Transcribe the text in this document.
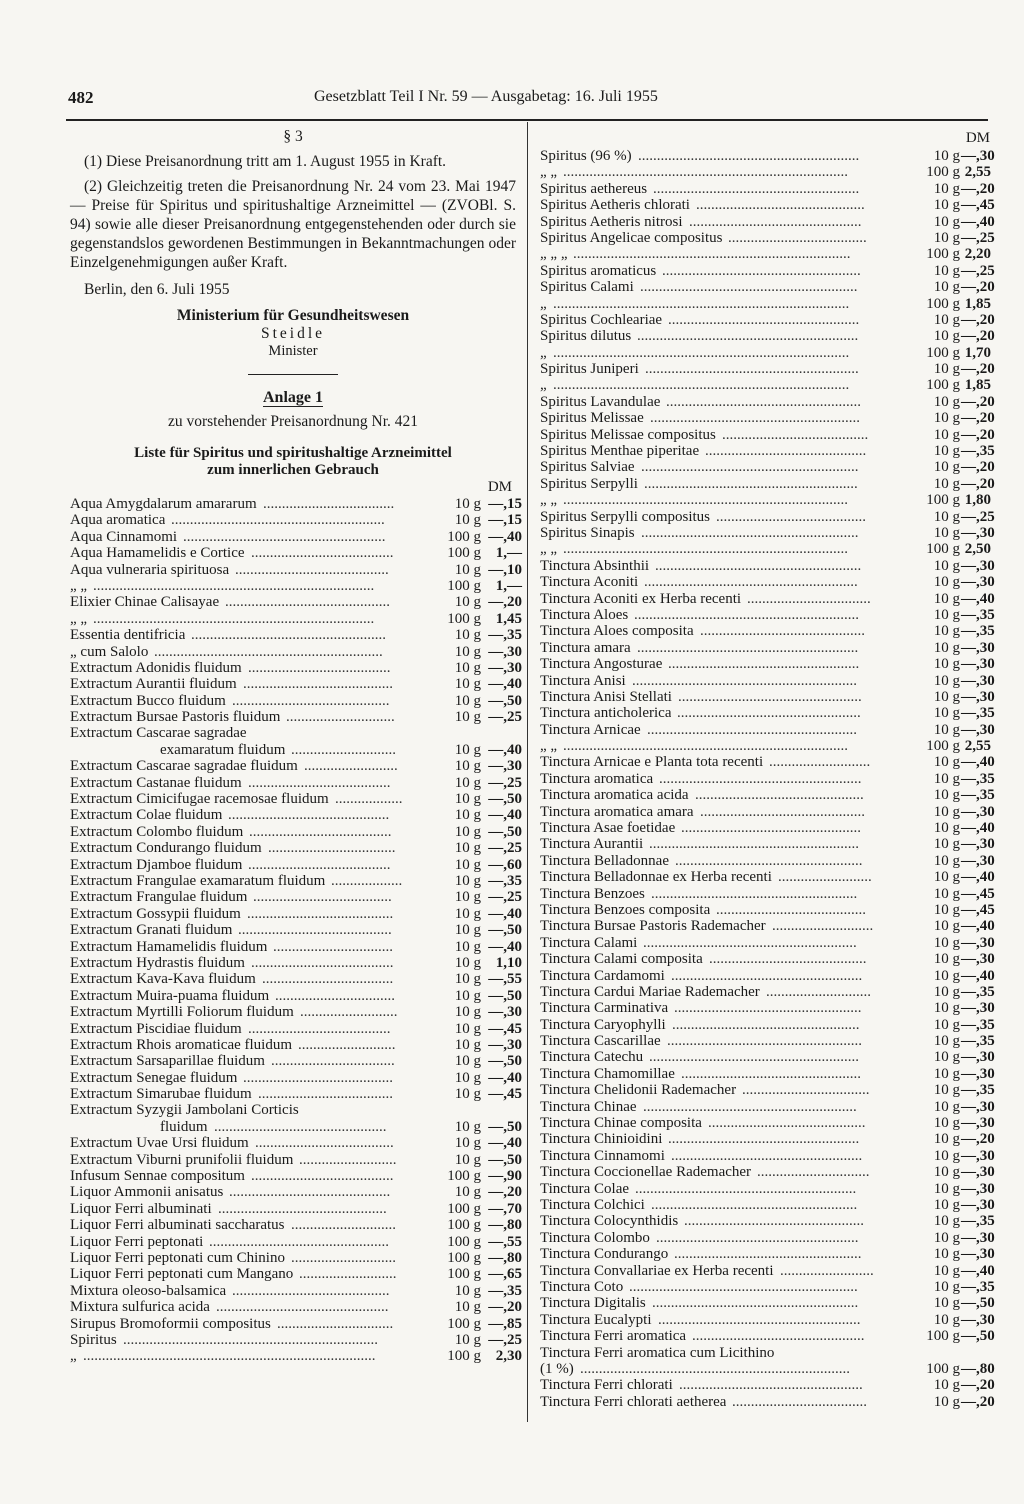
482	Gesetzblatt Teil I Nr. 59 — Ausgabetag: 16. Juli 1955
§ 3

(1) Diese Preisanordnung tritt am 1. August 1955 in Kraft.

(2) Gleichzeitig treten die Preisanordnung Nr. 24 vom 23. Mai 1947 — Preise für Spiritus und spiritushaltige Arzneimittel — (ZVOBl. S. 94) sowie alle dieser Preisanordnung entgegenstehenden oder durch sie gegenstandslos gewordenen Bestimmungen in Bekanntmachungen oder Einzelgenehmigungen außer Kraft.

Berlin, den 6. Juli 1955

Ministerium für Gesundheitswesen
Steidle
Minister
Anlage 1
zu vorstehender Preisanordnung Nr. 421
Liste für Spiritus und spiritushaltige Arzneimittel
zum innerlichen Gebrauch
DM
Aqua Amygdalarum amararum ...................................	10 g —,15
Aqua aromatica .........................................................	10 g —,15
Aqua Cinnamomi ......................................................	100 g —,40
Aqua Hamamelidis e Cortice ......................................	100 g 1,—
Aqua vulneraria spirituosa .........................................	10 g —,10
„ „ ...........................................................................	100 g 1,—
Elixier Chinae Calisayae ............................................	10 g —,20
„ „ ...........................................................................	100 g 1,45
Essentia dentifricia ....................................................	10 g —,35
„ cum Salolo .............................................................	10 g —,30
Extractum Adonidis fluidum ......................................	10 g —,30
Extractum Aurantii fluidum ........................................	10 g —,40
Extractum Bucco fluidum ..........................................	10 g —,50
Extractum Bursae Pastoris fluidum .............................	10 g —,25
Extractum Cascarae sagradae
examaratum fluidum ............................	10 g —,40
Extractum Cascarae sagradae fluidum .........................	10 g —,30
Extractum Castanae fluidum ......................................	10 g —,25
Extractum Cimicifugae racemosae fluidum ..................	10 g —,50
Extractum Colae fluidum ...........................................	10 g —,40
Extractum Colombo fluidum ......................................	10 g —,50
Extractum Condurango fluidum ..................................	10 g —,25
Extractum Djamboe fluidum ......................................	10 g —,60
Extractum Frangulae examaratum fluidum ...................	10 g —,35
Extractum Frangulae fluidum .....................................	10 g —,25
Extractum Gossypii fluidum .......................................	10 g —,40
Extractum Granati fluidum .........................................	10 g —,50
Extractum Hamamelidis fluidum ................................	10 g —,40
Extractum Hydrastis fluidum ......................................	10 g 1,10
Extractum Kava-Kava fluidum ...................................	10 g —,55
Extractum Muira-puama fluidum ................................	10 g —,50
Extractum Myrtilli Foliorum fluidum ..........................	10 g —,30
Extractum Piscidiae fluidum ......................................	10 g —,45
Extractum Rhois aromaticae fluidum ..........................	10 g —,30
Extractum Sarsaparillae fluidum .................................	10 g —,50
Extractum Senegae fluidum ........................................	10 g —,40
Extractum Simarubae fluidum ....................................	10 g —,45
Extractum Syzygii Jambolani Corticis
fluidum ..............................................	10 g —,50
Extractum Uvae Ursi fluidum .....................................	10 g —,40
Extractum Viburni prunifolii fluidum ..........................	10 g —,50
Infusum Sennae compositum ......................................	100 g —,90
Liquor Ammonii anisatus ...........................................	10 g —,20
Liquor Ferri albuminati .............................................	100 g —,70
Liquor Ferri albuminati saccharatus ............................	100 g —,80
Liquor Ferri peptonati ................................................	100 g —,55
Liquor Ferri peptonati cum Chinino ............................	100 g —,80
Liquor Ferri peptonati cum Mangano ..........................	100 g —,65
Mixtura oleoso-balsamica ..........................................	10 g —,35
Mixtura sulfurica acida ..............................................	10 g —,20
Sirupus Bromoformii compositus ...............................	100 g —,85
Spiritus ....................................................................	10 g —,25
„ ..............................................................................	100 g 2,30
DM
Spiritus (96 %) ...........................................................	10 g —,30
„ „ ............................................................................	100 g 2,55
Spiritus aethereus .......................................................	10 g —,20
Spiritus Aetheris chlorati .............................................	10 g —,45
Spiritus Aetheris nitrosi ..............................................	10 g —,40
Spiritus Angelicae compositus .....................................	10 g —,25
„ „ „ ..........................................................................	100 g 2,20
Spiritus aromaticus .....................................................	10 g —,25
Spiritus Calami ..........................................................	10 g —,20
„ ...............................................................................	100 g 1,85
Spiritus Cochleariae ...................................................	10 g —,20
Spiritus dilutus ...........................................................	10 g —,20
„ ...............................................................................	100 g 1,70
Spiritus Juniperi .........................................................	10 g —,20
„ ...............................................................................	100 g 1,85
Spiritus Lavandulae ....................................................	10 g —,20
Spiritus Melissae ........................................................	10 g —,20
Spiritus Melissae compositus .......................................	10 g —,20
Spiritus Menthae piperitae ...........................................	10 g —,35
Spiritus Salviae ..........................................................	10 g —,20
Spiritus Serpylli .........................................................	10 g —,20
„ „ ............................................................................	100 g 1,80
Spiritus Serpylli compositus ........................................	10 g —,25
Spiritus Sinapis ..........................................................	10 g —,30
„ „ ............................................................................	100 g 2,50
Tinctura Absinthii .......................................................	10 g —,30
Tinctura Aconiti .........................................................	10 g —,30
Tinctura Aconiti ex Herba recenti .................................	10 g —,40
Tinctura Aloes ............................................................	10 g —,35
Tinctura Aloes composita ............................................	10 g —,35
Tinctura amara ...........................................................	10 g —,30
Tinctura Angosturae ...................................................	10 g —,30
Tinctura Anisi ............................................................	10 g —,30
Tinctura Anisi Stellati .................................................	10 g —,30
Tinctura anticholerica .................................................	10 g —,35
Tinctura Arnicae ........................................................	10 g —,30
„ „ ............................................................................	100 g 2,55
Tinctura Arnicae e Planta tota recenti ...........................	10 g —,40
Tinctura aromatica ......................................................	10 g —,35
Tinctura aromatica acida .............................................	10 g —,35
Tinctura aromatica amara ............................................	10 g —,30
Tinctura Asae foetidae ................................................	10 g —,40
Tinctura Aurantii ........................................................	10 g —,30
Tinctura Belladonnae ..................................................	10 g —,30
Tinctura Belladonnae ex Herba recenti .........................	10 g —,40
Tinctura Benzoes .......................................................	10 g —,45
Tinctura Benzoes composita ........................................	10 g —,45
Tinctura Bursae Pastoris Rademacher ...........................	10 g —,40
Tinctura Calami .........................................................	10 g —,30
Tinctura Calami composita ..........................................	10 g —,30
Tinctura Cardamomi ...................................................	10 g —,40
Tinctura Cardui Mariae Rademacher ............................	10 g —,35
Tinctura Carminativa ..................................................	10 g —,30
Tinctura Caryophylli ..................................................	10 g —,35
Tinctura Cascarillae ....................................................	10 g —,35
Tinctura Catechu ........................................................	10 g —,30
Tinctura Chamomillae ................................................	10 g —,30
Tinctura Chelidonii Rademacher ..................................	10 g —,35
Tinctura Chinae .........................................................	10 g —,30
Tinctura Chinae composita ..........................................	10 g —,30
Tinctura Chinioidini ...................................................	10 g —,20
Tinctura Cinnamomi ...................................................	10 g —,30
Tinctura Coccionellae Rademacher ..............................	10 g —,30
Tinctura Colae ...........................................................	10 g —,30
Tinctura Colchici .......................................................	10 g —,30
Tinctura Colocynthidis ................................................	10 g —,35
Tinctura Colombo ......................................................	10 g —,30
Tinctura Condurango ..................................................	10 g —,30
Tinctura Convallariae ex Herba recenti .........................	10 g —,40
Tinctura Coto .............................................................	10 g —,35
Tinctura Digitalis .......................................................	10 g —,50
Tinctura Eucalypti ......................................................	10 g —,30
Tinctura Ferri aromatica ..............................................	100 g —,50
Tinctura Ferri aromatica cum Licithino
(1 %) ........................................................................	100 g —,80
Tinctura Ferri chlorati .................................................	10 g —,20
Tinctura Ferri chlorati aetherea ....................................	10 g —,20
